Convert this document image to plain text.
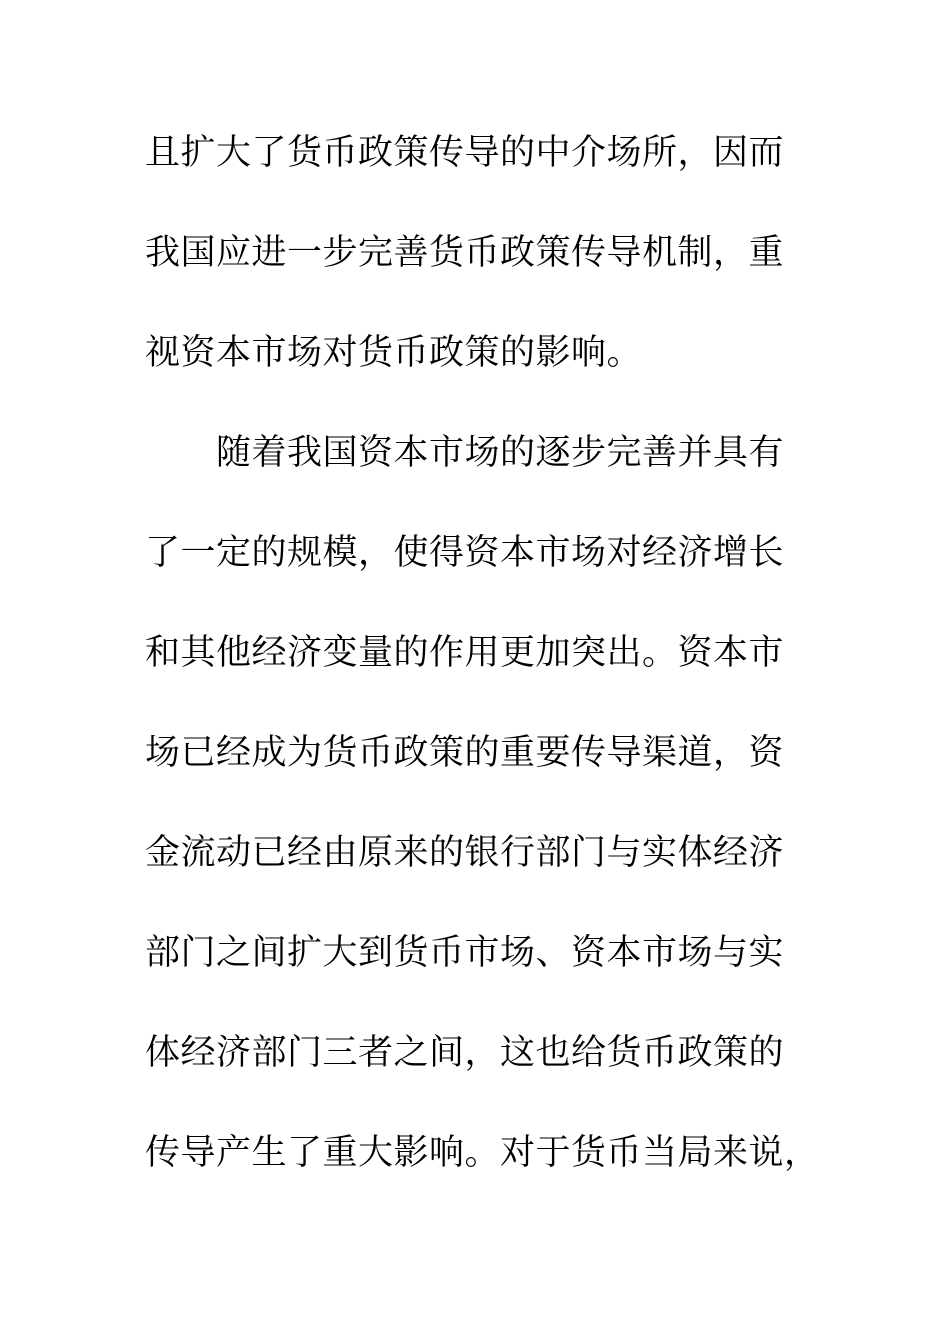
且扩大了货币政策传导的中介场所，因而
我国应进一步完善货币政策传导机制，重
视资本市场对货币政策的影响。
　　随着我国资本市场的逐步完善并具有
了一定的规模，使得资本市场对经济增长
和其他经济变量的作用更加突出。资本市
场已经成为货币政策的重要传导渠道，资
金流动已经由原来的银行部门与实体经济
部门之间扩大到货币市场、资本市场与实
体经济部门三者之间，这也给货币政策的
传导产生了重大影响。对于货币当局来说，
